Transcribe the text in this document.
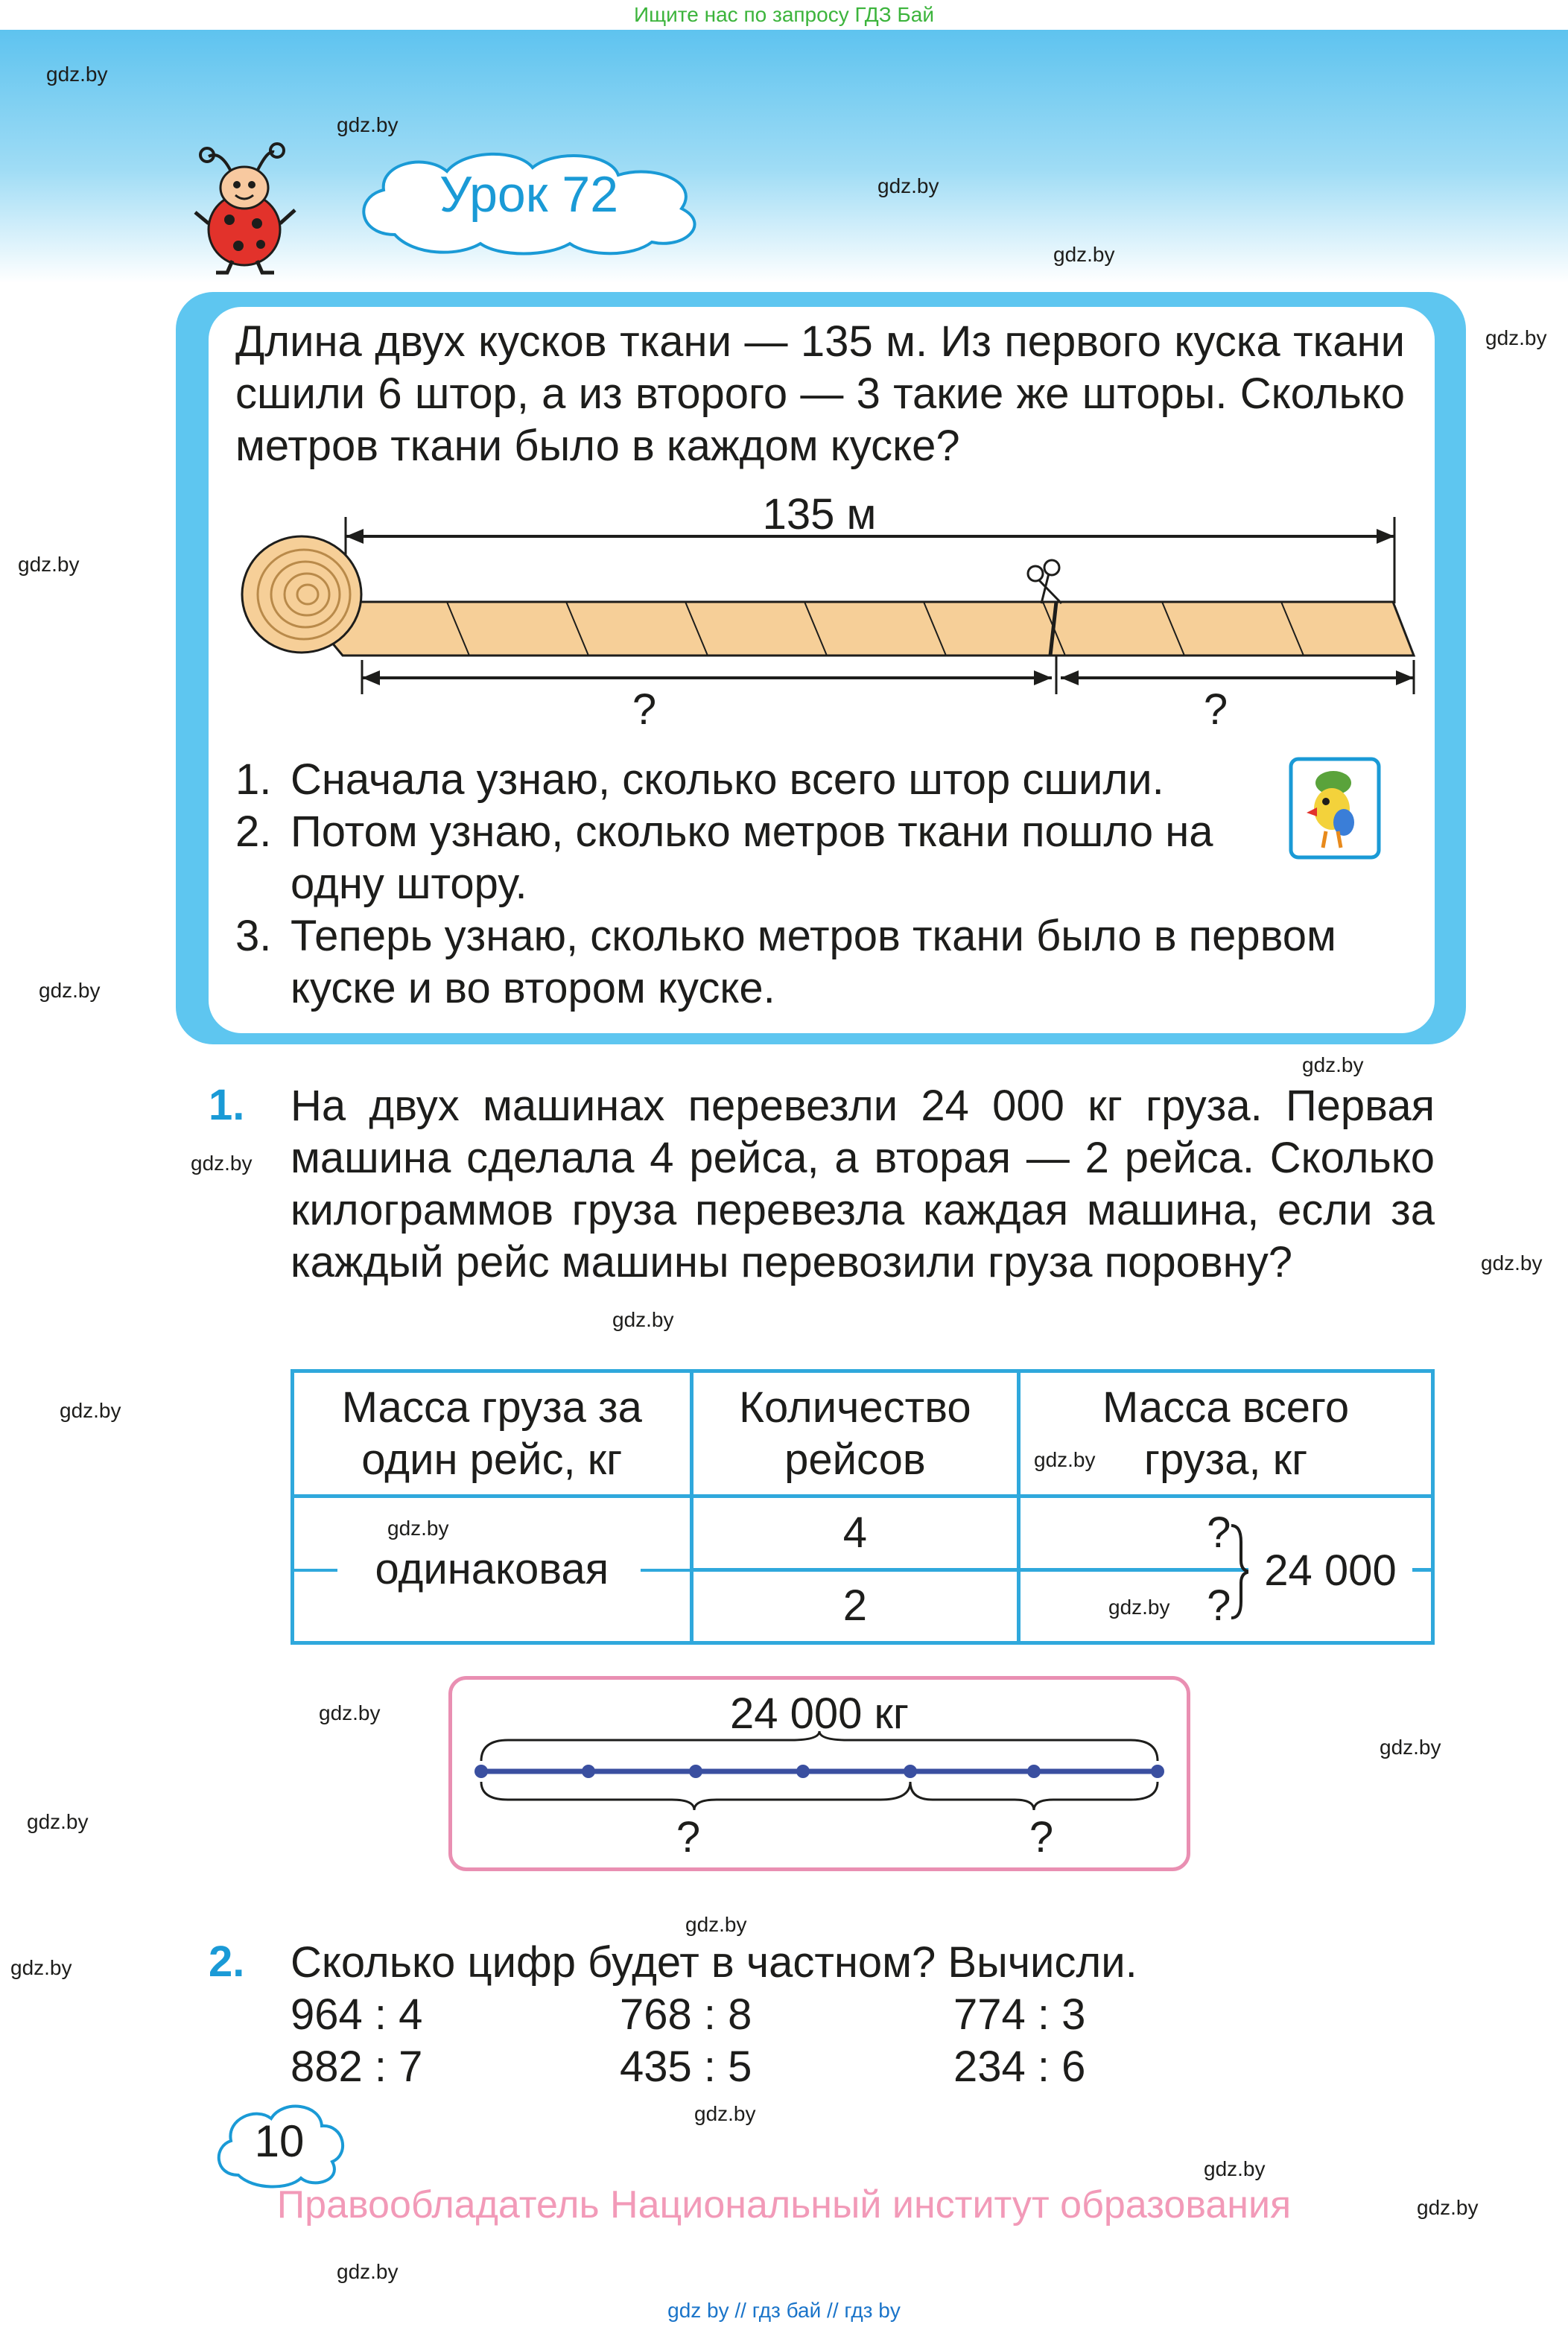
Ищите нас по запросу ГДЗ Бай
gdz.by
gdz.by
gdz.by
gdz.by
gdz.by
gdz.by
gdz.by
gdz.by
gdz.by
gdz.by
gdz.by
gdz.by
gdz.by
gdz.by
gdz.by
gdz.by
gdz.by
gdz.by
gdz.by
gdz.by
gdz.by
gdz.by
gdz.by
gdz.by
Урок 72
Длина двух кусков ткани — 135 м. Из первого куска ткани сшили 6 штор, а из второго — 3 такие же шторы. Сколько метров ткани было в каждом куске?
135 м
?	?
1. Сначала узнаю, сколько всего штор сшили.
2. Потом узнаю, сколько метров ткани пошло на одну штору.
3. Теперь узнаю, сколько метров ткани было в первом куске и во втором куске.
1. На двух машинах перевезли 24 000 кг груза. Первая машина сделала 4 рейса, а вторая — 2 рейса. Сколько килограммов груза перевезла каждая машина, если за каждый рейс машины перевозили груза поровну?
Масса груза за один рейс, кг	Количество рейсов	Масса всего груза, кг
одинаковая	4	?
	2	?
24 000
24 000 кг
?	?
2. Сколько цифр будет в частном? Вычисли.
964 : 4	768 : 8	774 : 3
882 : 7	435 : 5	234 : 6
10
Правообладатель Национальный институт образования
gdz by // гдз бай // гдз by
